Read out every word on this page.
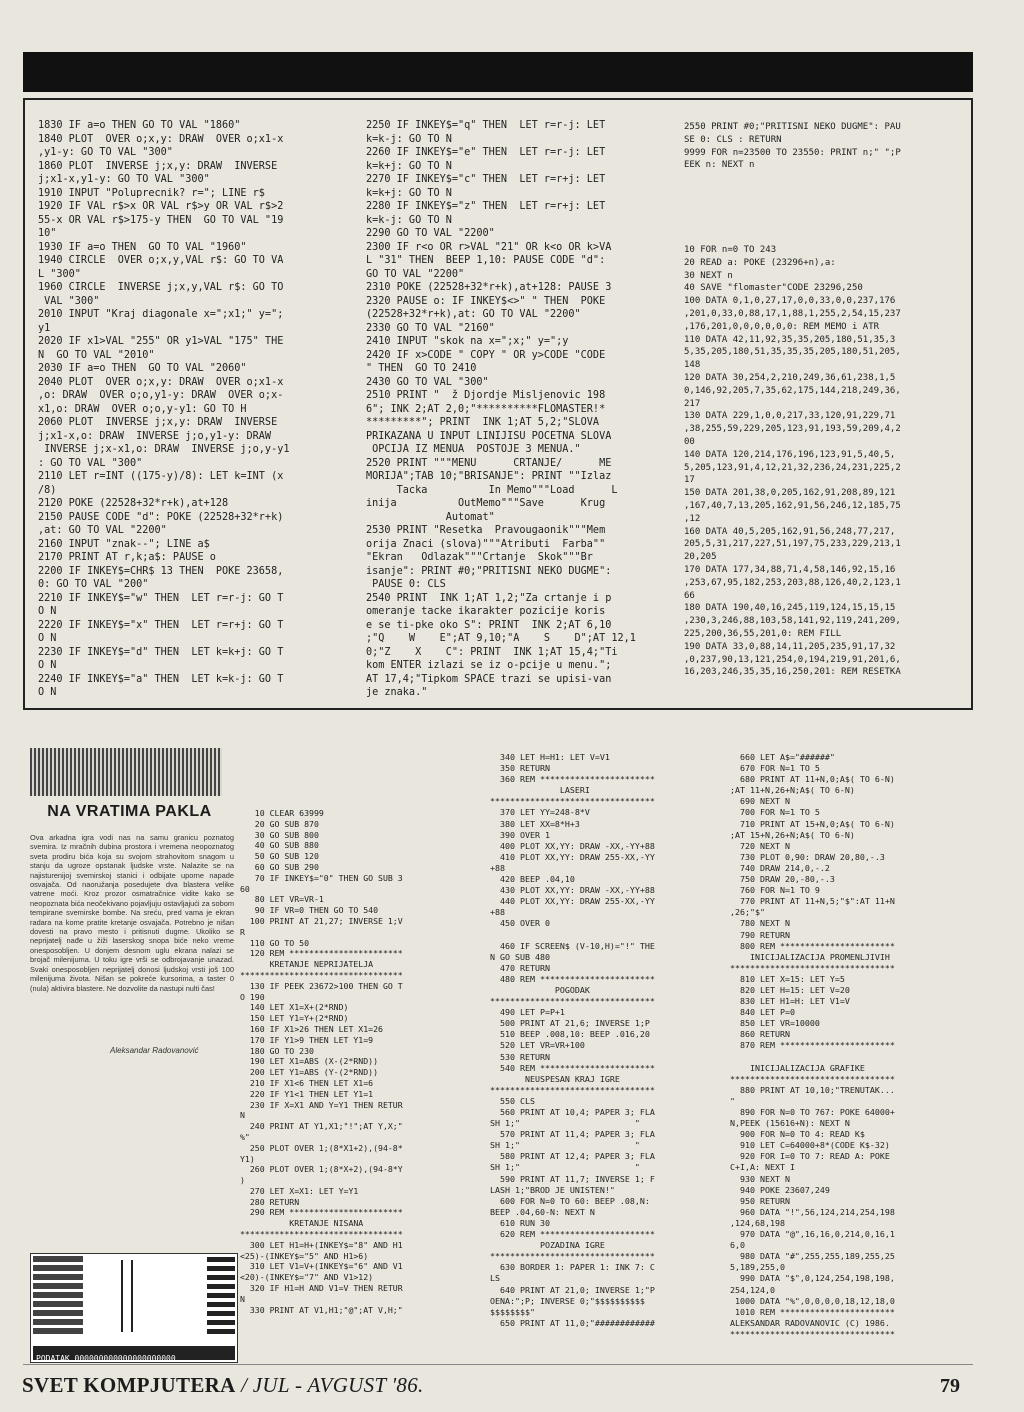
1830 IF a=o THEN GO TO VAL "1860"
1840 PLOT  OVER o;x,y: DRAW  OVER o;x1-x
,y1-y: GO TO VAL "300"
1860 PLOT  INVERSE j;x,y: DRAW  INVERSE
j;x1-x,y1-y: GO TO VAL "300"
1910 INPUT "Poluprecnik? r="; LINE r$
1920 IF VAL r$>x OR VAL r$>y OR VAL r$>2
55-x OR VAL r$>175-y THEN  GO TO VAL "19
10"
1930 IF a=o THEN  GO TO VAL "1960"
1940 CIRCLE  OVER o;x,y,VAL r$: GO TO VA
L "300"
1960 CIRCLE  INVERSE j;x,y,VAL r$: GO TO
VAL "300"
2010 INPUT "Kraj diagonale x=";x1;" y=";
y1
2020 IF x1>VAL "255" OR y1>VAL "175" THE
N  GO TO VAL "2010"
2030 IF a=o THEN  GO TO VAL "2060"
2040 PLOT  OVER o;x,y: DRAW  OVER o;x1-x
,o: DRAW  OVER o;o,y1-y: DRAW  OVER o;x-
x1,o: DRAW  OVER o;o,y-y1: GO TO H
2060 PLOT  INVERSE j;x,y: DRAW  INVERSE
j;x1-x,o: DRAW  INVERSE j;o,y1-y: DRAW
INVERSE j;x-x1,o: DRAW  INVERSE j;o,y-y1
: GO TO VAL "300"
2110 LET r=INT ((175-y)/8): LET k=INT (x
/8)
2120 POKE (22528+32*r+k),at+128
2150 PAUSE CODE "d": POKE (22528+32*r+k)
,at: GO TO VAL "2200"
2160 INPUT "znak--"; LINE a$
2170 PRINT AT r,k;a$: PAUSE o
2200 IF INKEY$=CHR$ 13 THEN  POKE 23658,
0: GO TO VAL "200"
2210 IF INKEY$="w" THEN  LET r=r-j: GO T
O N
2220 IF INKEY$="x" THEN  LET r=r+j: GO T
O N
2230 IF INKEY$="d" THEN  LET k=k+j: GO T
O N
2240 IF INKEY$="a" THEN  LET k=k-j: GO T
O N
2250 IF INKEY$="q" THEN  LET r=r-j: LET
k=k-j: GO TO N
2260 IF INKEY$="e" THEN  LET r=r-j: LET
k=k+j: GO TO N
2270 IF INKEY$="c" THEN  LET r=r+j: LET
k=k+j: GO TO N
2280 IF INKEY$="z" THEN  LET r=r+j: LET
k=k-j: GO TO N
2290 GO TO VAL "2200"
2300 IF r<o OR r>VAL "21" OR k<o OR k>VA
L "31" THEN  BEEP 1,10: PAUSE CODE "d":
GO TO VAL "2200"
2310 POKE (22528+32*r+k),at+128: PAUSE 3
2320 PAUSE o: IF INKEY$<>" " THEN  POKE
(22528+32*r+k),at: GO TO VAL "2200"
2330 GO TO VAL "2160"
2410 INPUT "skok na x=";x;" y=";y
2420 IF x>CODE " COPY " OR y>CODE "CODE
" THEN  GO TO 2410
2430 GO TO VAL "300"
2510 PRINT "  ž Djordje Misljenovic 198
6"; INK 2;AT 2,0;"**********FLOMASTER!*
*********"; PRINT  INK 1;AT 5,2;"SLOVA
PRIKAZANA U INPUT LINIJISU POCETNA SLOVA
OPCIJA IZ MENUA  POSTOJE 3 MENUA."
2520 PRINT """MENU      CRTANJE/      ME
MORIJA";TAB 10;"BRISANJE": PRINT ""Izlaz
Tacka          In Memo"""Load      L
inija          OutMemo"""Save      Krug
Automat"
2530 PRINT "Resetka  Pravougaonik"""Mem
orija Znaci (slova)"""Atributi  Farba""
"Ekran   Odlazak"""Crtanje  Skok"""Br
isanje": PRINT #0;"PRITISNI NEKO DUGME":
PAUSE 0: CLS
2540 PRINT  INK 1;AT 1,2;"Za crtanje i p
omeranje tacke ikarakter pozicije koris
e se ti-pke oko S": PRINT  INK 2;AT 6,10
;"Q    W    E";AT 9,10;"A    S    D";AT 12,1
0;"Z    X    C": PRINT  INK 1;AT 15,4;"Ti
kom ENTER izlazi se iz o-pcije u menu.";
AT 17,4;"Tipkom SPACE trazi se upisi-van
je znaka."
2550 PRINT #0;"PRITISNI NEKO DUGME": PAU
SE 0: CLS : RETURN
9999 FOR n=23500 TO 23550: PRINT n;" ";P
EEK n: NEXT n
10 FOR n=0 TO 243
20 READ a: POKE (23296+n),a:
30 NEXT n
40 SAVE "flomaster"CODE 23296,250
100 DATA 0,1,0,27,17,0,0,33,0,0,237,176
,201,0,33,0,88,17,1,88,1,255,2,54,15,237
,176,201,0,0,0,0,0,0: REM MEMO i ATR
110 DATA 42,11,92,35,35,205,180,51,35,3
5,35,205,180,51,35,35,35,205,180,51,205,
148
120 DATA 30,254,2,210,249,36,61,238,1,5
0,146,92,205,7,35,62,175,144,218,249,36,
217
130 DATA 229,1,0,0,217,33,120,91,229,71
,38,255,59,229,205,123,91,193,59,209,4,2
00
140 DATA 120,214,176,196,123,91,5,40,5,
5,205,123,91,4,12,21,32,236,24,231,225,2
17
150 DATA 201,38,0,205,162,91,208,89,121
,167,40,7,13,205,162,91,56,246,12,185,75
,12
160 DATA 40,5,205,162,91,56,248,77,217,
205,5,31,217,227,51,197,75,233,229,213,1
20,205
170 DATA 177,34,88,71,4,58,146,92,15,16
,253,67,95,182,253,203,88,126,40,2,123,1
66
180 DATA 190,40,16,245,119,124,15,15,15
,230,3,246,88,103,58,141,92,119,241,209,
225,200,36,55,201,0: REM FILL
190 DATA 33,0,88,14,11,205,235,91,17,32
,0,237,90,13,121,254,0,194,219,91,201,6,
16,203,246,35,35,16,250,201: REM RESETKA
NA VRATIMA PAKLA

Ova arkadna igra vodi nas na samu granicu poznatog svemira. Iz mračnih dubina prostora i vremena neopoznatog sveta prodiru bića koja su svojom strahovitom snagom u stanju da ugroze opstanak ljudske vrste. Nalazite se na najisturenijoj svemirskoj stanici i odbijate upornе napade osvajača. Od naoružanja posedujete dva blastera velike vatrene moći. Kroz prozor osmatračnice vidite kako se neopoznata bića neočekivano pojavljuju ostavljajući za sobom tempirane svemirske bombe. Na sreću, pred vama je ekran radara na kome pratite kretanje osvajača. Potrebno je nišan dovesti na pravo mesto i pritisnuti dugme. Ukoliko se neprijatelj nađe u žiži laserskog snopa biće neko vreme onesposobljen. U donjem desnom uglu ekrana nalazi se brojač milenijuma. U toku igre vrši se odbrojavanje unazad. Svaki onesposobljen neprijatelj donosi ljudskoj vrsti još 100 milenijuma života. Nišan se pokreće kursorima, a taster 0 (nula) aktivira blastere. Ne dozvolite da nastupi nulti čas!

Aleksandar Radovanović

PODATAK 000000000000000000000
10 CLEAR 63999
20 GO SUB 870
30 GO SUB 800
40 GO SUB 880
50 GO SUB 120
60 GO SUB 290
70 IF INKEY$="0" THEN GO SUB 3
60
80 LET VR=VR-1
90 IF VR=0 THEN GO TO 540
100 PRINT AT 21,27; INVERSE 1;V
R
110 GO TO 50
120 REM ***********************
KRETANJE NEPRIJATELJA
*********************************
130 IF PEEK 23672>100 THEN GO T
O 190
140 LET X1=X+(2*RND)
150 LET Y1=Y+(2*RND)
160 IF X1>26 THEN LET X1=26
170 IF Y1>9 THEN LET Y1=9
180 GO TO 230
190 LET X1=ABS (X-(2*RND))
200 LET Y1=ABS (Y-(2*RND))
210 IF X1<6 THEN LET X1=6
220 IF Y1<1 THEN LET Y1=1
230 IF X=X1 AND Y=Y1 THEN RETUR
N
240 PRINT AT Y1,X1;"!";AT Y,X;"
%"
250 PLOT OVER 1;(8*X1+2),(94-8*
Y1)
260 PLOT OVER 1;(8*X+2),(94-8*Y
)
270 LET X=X1: LET Y=Y1
280 RETURN
290 REM ***********************
KRETANJE NISANA
*********************************
300 LET H1=H+(INKEY$="8" AND H1
<25)-(INKEY$="5" AND H1>6)
310 LET V1=V+(INKEY$="6" AND V1
<20)-(INKEY$="7" AND V1>12)
320 IF H1=H AND V1=V THEN RETUR
N
330 PRINT AT V1,H1;"@";AT V,H;"
340 LET H=H1: LET V=V1
350 RETURN
360 REM ***********************
LASERI
*********************************
370 LET YY=248-8*V
380 LET XX=8*H+3
390 OVER 1
400 PLOT XX,YY: DRAW -XX,-YY+88
410 PLOT XX,YY: DRAW 255-XX,-YY
+88
420 BEEP .04,10
430 PLOT XX,YY: DRAW -XX,-YY+88
440 PLOT XX,YY: DRAW 255-XX,-YY
+88
450 OVER 0

460 IF SCREEN$ (V-10,H)="!" THE
N GO SUB 480
470 RETURN
480 REM ***********************
POGODAK
*********************************
490 LET P=P+1
500 PRINT AT 21,6; INVERSE 1;P
510 BEEP .008,10: BEEP .016,20
520 LET VR=VR+100
530 RETURN
540 REM ***********************
NEUSPESAN KRAJ IGRE
*********************************
550 CLS
560 PRINT AT 10,4; PAPER 3; FLA
SH 1;"                       "
570 PRINT AT 11,4; PAPER 3; FLA
SH 1;"                       "
580 PRINT AT 12,4; PAPER 3; FLA
SH 1;"                       "
590 PRINT AT 11,7; INVERSE 1; F
LASH 1;"BROD JE UNISTEN!"
600 FOR N=0 TO 60: BEEP .08,N:
BEEP .04,60-N: NEXT N
610 RUN 30
620 REM ***********************
POZADINA IGRE
*********************************
630 BORDER 1: PAPER 1: INK 7: C
LS
640 PRINT AT 21,0; INVERSE 1;"P
OENA:";P; INVERSE 0;"$$$$$$$$$$
$$$$$$$$"
650 PRINT AT 11,0;"############
660 LET A$="######"
670 FOR N=1 TO 5
680 PRINT AT 11+N,0;A$( TO 6-N)
;AT 11+N,26+N;A$( TO 6-N)
690 NEXT N
700 FOR N=1 TO 5
710 PRINT AT 15+N,0;A$( TO 6-N)
;AT 15+N,26+N;A$( TO 6-N)
720 NEXT N
730 PLOT 0,90: DRAW 20,80,-.3
740 DRAW 214,0,-.2
750 DRAW 20,-80,-.3
760 FOR N=1 TO 9
770 PRINT AT 11+N,5;"$":AT 11+N
,26;"$"
780 NEXT N
790 RETURN
800 REM ***********************
INICIJALIZACIJA PROMENLJIVIH
*********************************
810 LET X=15: LET Y=5
820 LET H=15: LET V=20
830 LET H1=H: LET V1=V
840 LET P=0
850 LET VR=10000
860 RETURN
870 REM ***********************

INICIJALIZACIJA GRAFIKE
*********************************
880 PRINT AT 10,10;"TRENUTAK...
"
890 FOR N=0 TO 767: POKE 64000+
N,PEEK (15616+N): NEXT N
900 FOR N=0 TO 4: READ K$
910 LET C=64000+8*(CODE K$-32)
920 FOR I=0 TO 7: READ A: POKE
C+I,A: NEXT I
930 NEXT N
940 POKE 23607,249
950 RETURN
960 DATA "!",56,124,214,254,198
,124,68,198
970 DATA "@",16,16,0,214,0,16,1
6,0
980 DATA "#",255,255,189,255,25
5,189,255,0
990 DATA "$",0,124,254,198,198,
254,124,0
1000 DATA "%",0,0,0,0,18,12,18,0
1010 REM ***********************
ALEKSANDAR RADOVANOVIC (C) 1986.
*********************************

SVET KOMPJUTERA / JUL - AVGUST '86.	79
